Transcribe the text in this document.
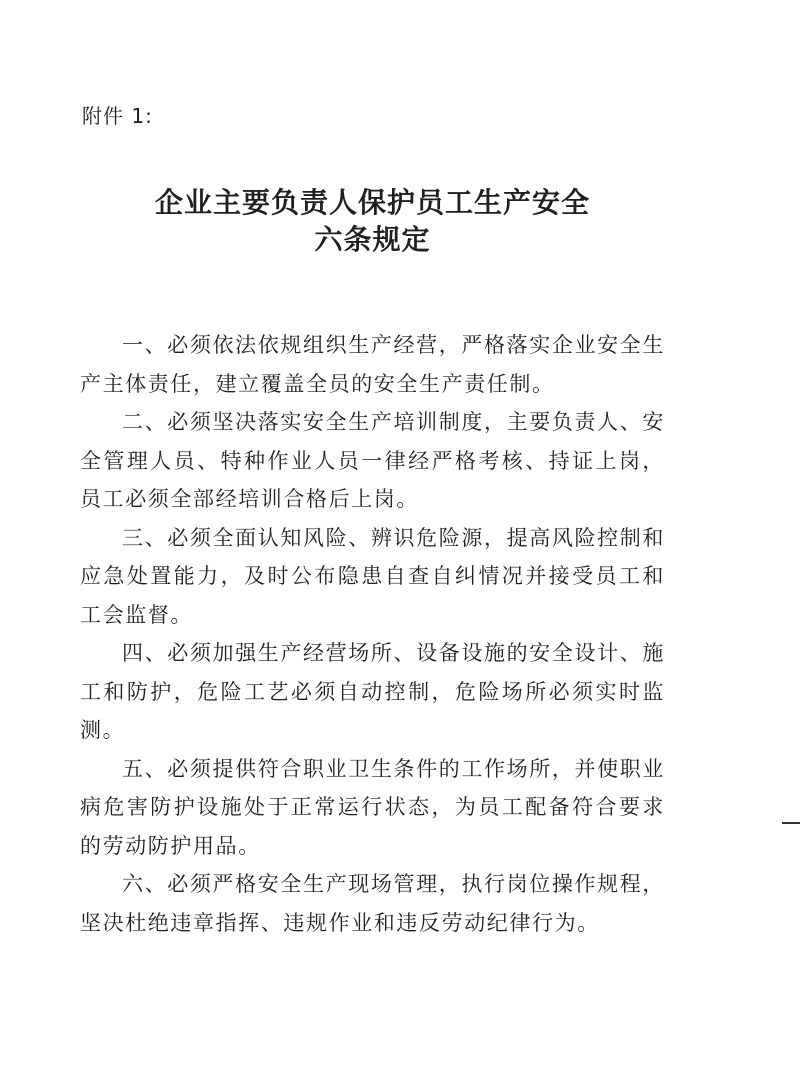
附件 1:
企业主要负责人保护员工生产安全
六条规定

一、必须依法依规组织生产经营，严格落实企业安全生产主体责任，建立覆盖全员的安全生产责任制。

二、必须坚决落实安全生产培训制度，主要负责人、安全管理人员、特种作业人员一律经严格考核、持证上岗，员工必须全部经培训合格后上岗。

三、必须全面认知风险、辨识危险源，提高风险控制和应急处置能力，及时公布隐患自查自纠情况并接受员工和工会监督。

四、必须加强生产经营场所、设备设施的安全设计、施工和防护，危险工艺必须自动控制，危险场所必须实时监测。

五、必须提供符合职业卫生条件的工作场所，并使职业病危害防护设施处于正常运行状态，为员工配备符合要求的劳动防护用品。

六、必须严格安全生产现场管理，执行岗位操作规程，坚决杜绝违章指挥、违规作业和违反劳动纪律行为。
